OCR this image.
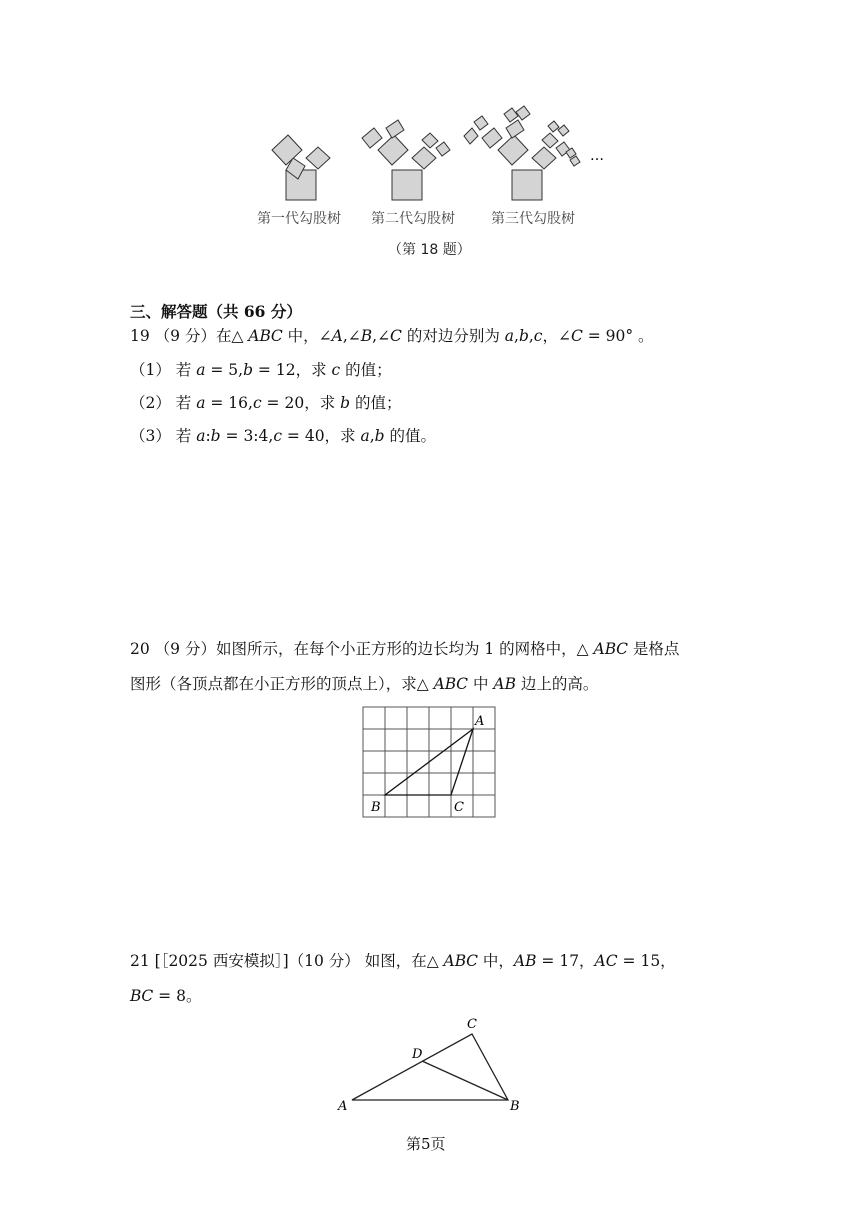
…
第一代勾股树 第二代勾股树	第三代勾股树
（第 18 题）
三、解答题（共 66 分）
19 （9 分）在△ 𝐴𝐵𝐶 中，∠𝐴,∠𝐵,∠𝐶 的对边分别为 𝑎,𝑏,𝑐，∠𝐶 = 90° 。
（1） 若 𝑎 = 5,𝑏 = 12，求 𝑐 的值；
（2） 若 𝑎 = 16,𝑐 = 20，求 𝑏 的值；
（3） 若 𝑎:𝑏 = 3:4,𝑐 = 40，求 𝑎,𝑏 的值。
20 （9 分）如图所示，在每个小正方形的边长均为 1 的网格中，△ 𝐴𝐵𝐶 是格点
图形（各顶点都在小正方形的顶点上），求△ 𝐴𝐵𝐶 中 𝐴𝐵 边上的高。
A
B	C
21 [［2025 西安模拟］]（10 分） 如图，在△ 𝐴𝐵𝐶 中，𝐴𝐵 = 17，𝐴𝐶 = 15，
𝐵𝐶 = 8。
A	B
C
D
第5页
